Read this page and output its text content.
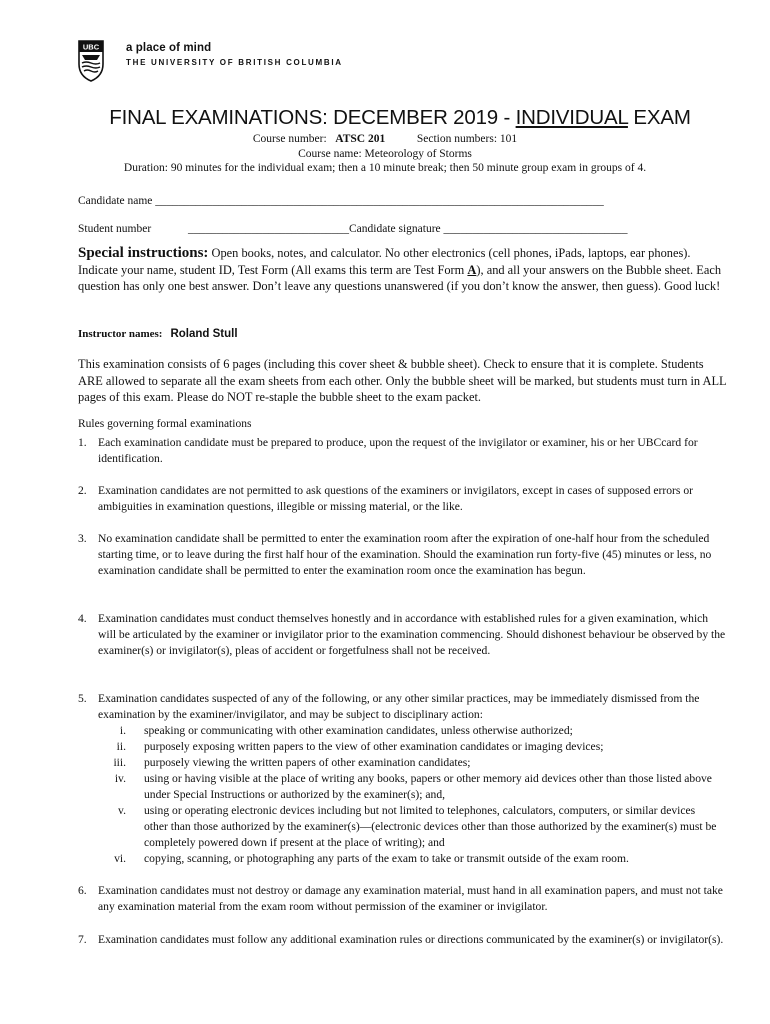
UBC a place of mind
THE UNIVERSITY OF BRITISH COLUMBIA
FINAL EXAMINATIONS: DECEMBER 2019 - INDIVIDUAL EXAM
Course number: ATSC 201	Section numbers: 101
Course name: Meteorology of Storms
Duration: 90 minutes for the individual exam; then a 10 minute break; then 50 minute group exam in groups of 4.
Candidate name ______________________________________________________________________________
Student number	____________________________Candidate signature ________________________________
Special instructions: Open books, notes, and calculator. No other electronics (cell phones, iPads, laptops, ear phones). Indicate your name, student ID, Test Form (All exams this term are Test Form A), and all your answers on the Bubble sheet. Each question has only one best answer. Don’t leave any questions unanswered (if you don’t know the answer, then guess). Good luck!
Instructor names: Roland Stull
This examination consists of 6 pages (including this cover sheet & bubble sheet). Check to ensure that it is complete. Students ARE allowed to separate all the exam sheets from each other. Only the bubble sheet will be marked, but students must turn in ALL pages of this exam. Please do NOT re-staple the bubble sheet to the exam packet.
Rules governing formal examinations
1. Each examination candidate must be prepared to produce, upon the request of the invigilator or examiner, his or her UBCcard for identification.
2. Examination candidates are not permitted to ask questions of the examiners or invigilators, except in cases of supposed errors or ambiguities in examination questions, illegible or missing material, or the like.
3. No examination candidate shall be permitted to enter the examination room after the expiration of one-half hour from the scheduled starting time, or to leave during the first half hour of the examination. Should the examination run forty-five (45) minutes or less, no examination candidate shall be permitted to enter the examination room once the examination has begun.
4. Examination candidates must conduct themselves honestly and in accordance with established rules for a given examination, which will be articulated by the examiner or invigilator prior to the examination commencing. Should dishonest behaviour be observed by the examiner(s) or invigilator(s), pleas of accident or forgetfulness shall not be received.
5. Examination candidates suspected of any of the following, or any other similar practices, may be immediately dismissed from the examination by the examiner/invigilator, and may be subject to disciplinary action:
i. speaking or communicating with other examination candidates, unless otherwise authorized;
ii. purposely exposing written papers to the view of other examination candidates or imaging devices;
iii. purposely viewing the written papers of other examination candidates;
iv. using or having visible at the place of writing any books, papers or other memory aid devices other than those listed above under Special Instructions or authorized by the examiner(s); and,
v. using or operating electronic devices including but not limited to telephones, calculators, computers, or similar devices other than those authorized by the examiner(s)—(electronic devices other than those authorized by the examiner(s) must be completely powered down if present at the place of writing); and
vi. copying, scanning, or photographing any parts of the exam to take or transmit outside of the exam room.
6. Examination candidates must not destroy or damage any examination material, must hand in all examination papers, and must not take any examination material from the exam room without permission of the examiner or invigilator.
7. Examination candidates must follow any additional examination rules or directions communicated by the examiner(s) or invigilator(s).
